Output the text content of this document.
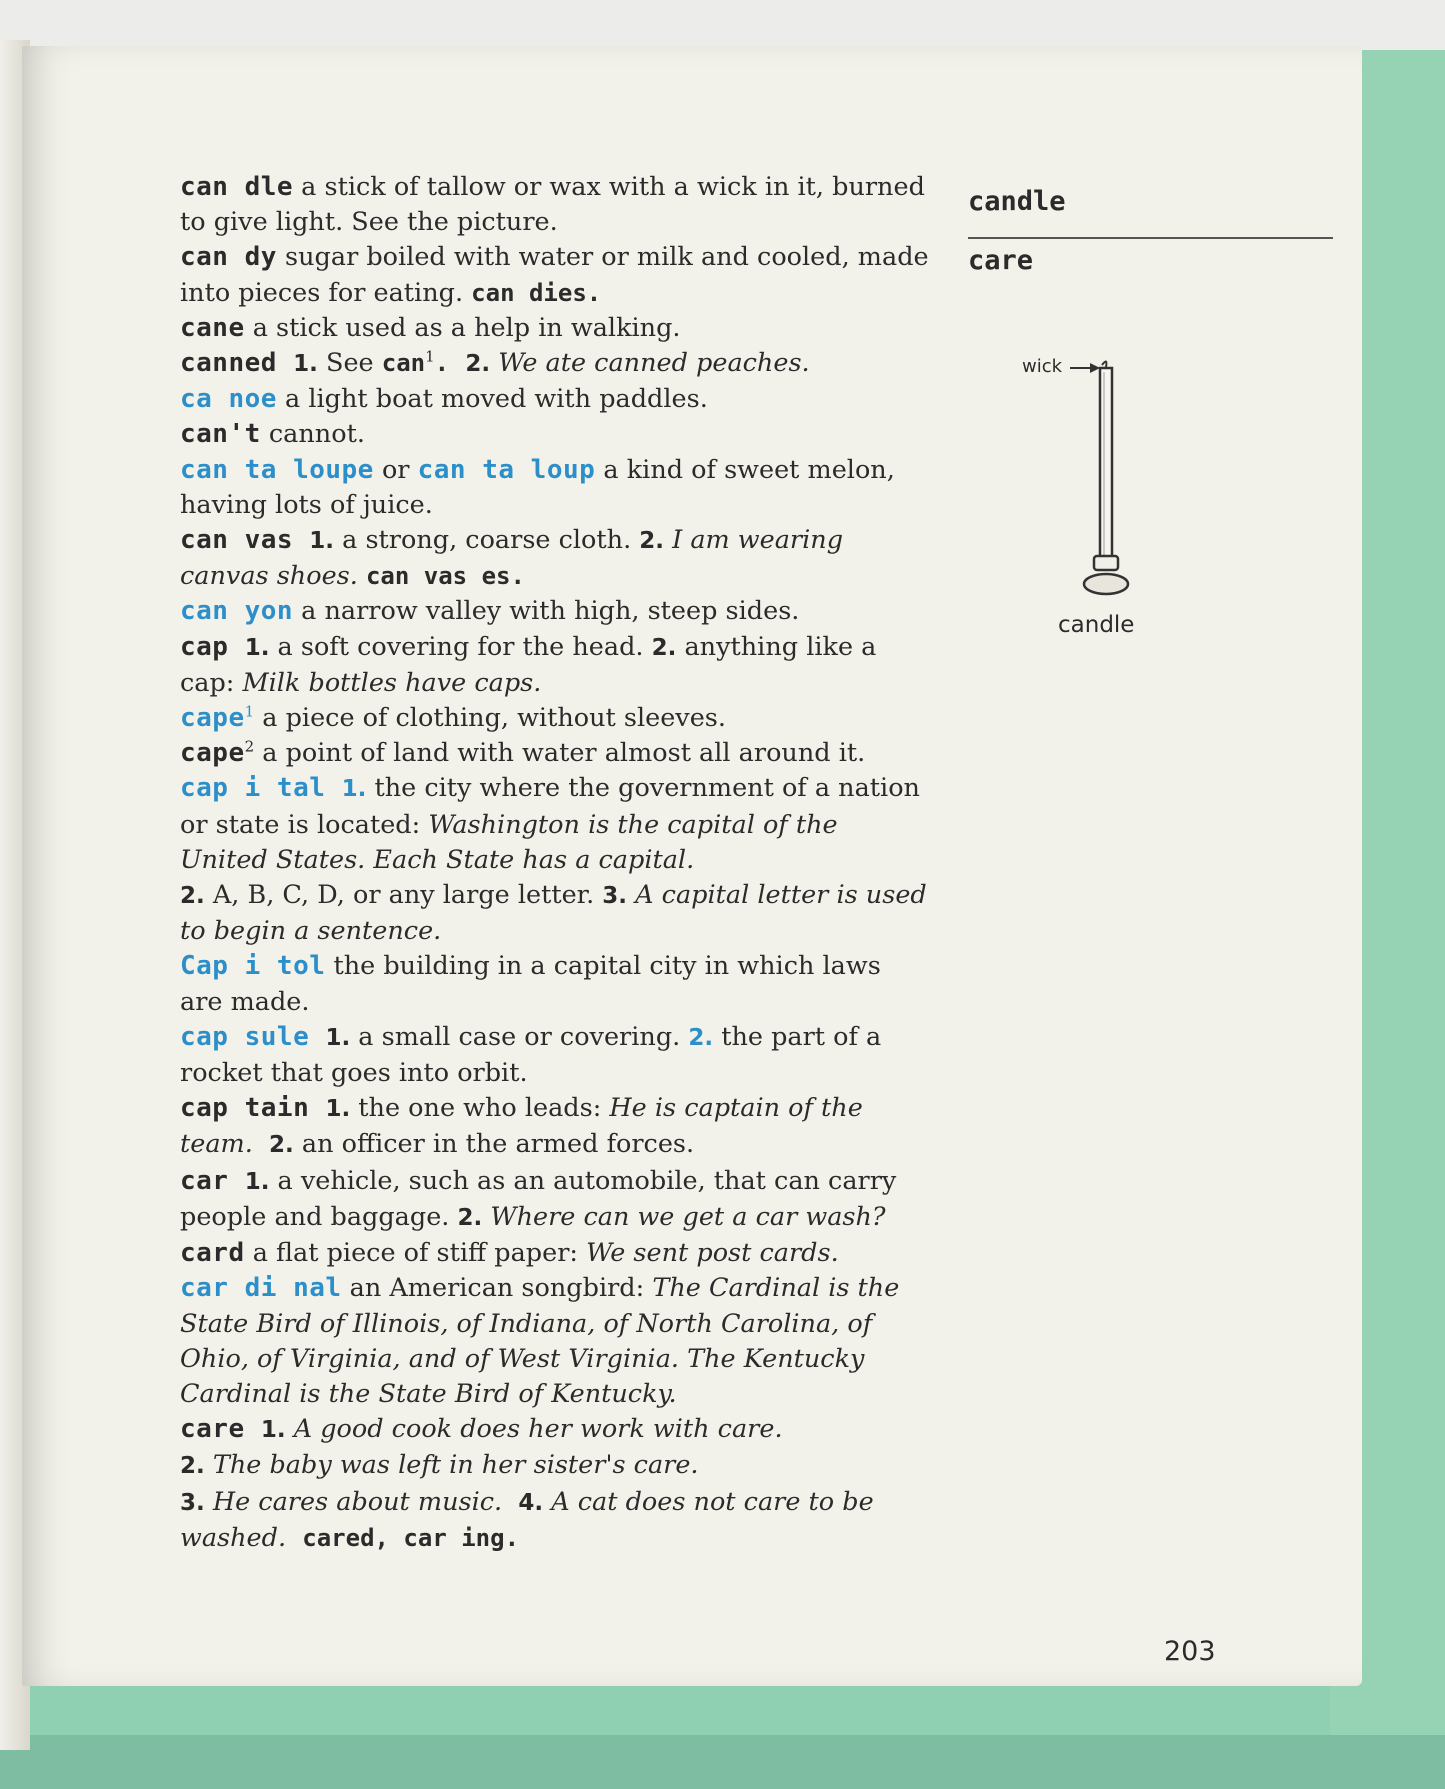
candle
care
wick
candle

can dle a stick of tallow or wax with a wick in it, burned to give light. See the picture.

can dy sugar boiled with water or milk and cooled, made into pieces for eating. can dies.

cane a stick used as a help in walking.

canned 1. See can$^1$. 2. We ate canned peaches.

ca noe a light boat moved with paddles.

can't cannot.

can ta loupe or can ta loup a kind of sweet melon, having lots of juice.

can vas 1. a strong, coarse cloth. 2. I am wearing canvas shoes. can vas es.

can yon a narrow valley with high, steep sides.

cap 1. a soft covering for the head. 2. anything like a cap: Milk bottles have caps.

cape$^1$ a piece of clothing, without sleeves.

cape$^2$ a point of land with water almost all around it.

cap i tal 1. the city where the government of a nation or state is located: Washington is the capital of the United States. Each State has a capital.
2. A, B, C, D, or any large letter. 3. A capital letter is used to begin a sentence.

Cap i tol the building in a capital city in which laws are made.

cap sule 1. a small case or covering. 2. the part of a rocket that goes into orbit.

cap tain 1. the one who leads: He is captain of the team. 2. an officer in the armed forces.

car 1. a vehicle, such as an automobile, that can carry people and baggage. 2. Where can we get a car wash?

card a flat piece of stiff paper: We sent post cards.

car di nal an American songbird: The Cardinal is the State Bird of Illinois, of Indiana, of North Carolina, of Ohio, of Virginia, and of West Virginia. The Kentucky Cardinal is the State Bird of Kentucky.

care 1. A good cook does her work with care.
2. The baby was left in her sister's care.
3. He cares about music. 4. A cat does not care to be washed. cared, car ing.

203
